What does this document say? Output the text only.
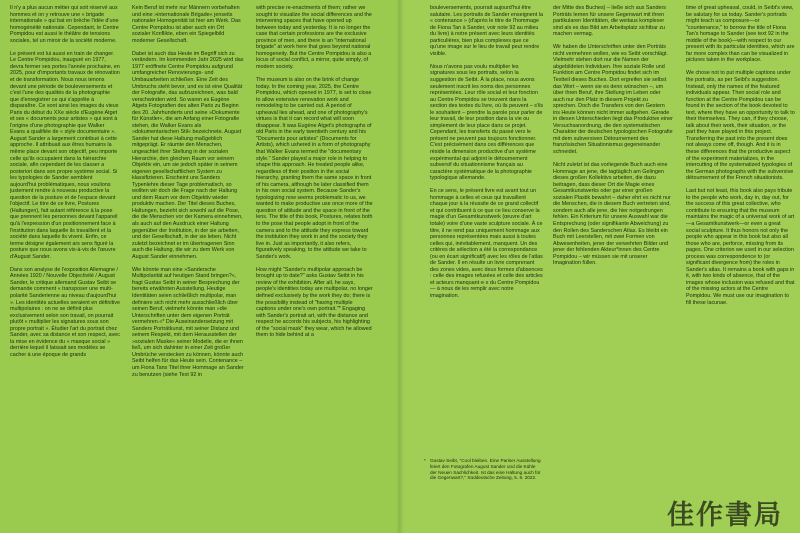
Il n'y a plus aucun métier qui soit réservé aux hommes et on y retrouve une « brigade internationale » qui bat en brèche l'idée d'une homogénéité nationale. Cependant, le Centre Pompidou est aussi le théâtre de tensions sociales, tel un miroir de la société moderne.

Le présent est lui aussi en train de changer. Le Centre Pompidou, inauguré en 1977, devra fermer ses portes l'année prochaine, en 2025, pour d'importants travaux de rénovation et de transformation. Nous nous tenons devant une période de bouleversements et c'est l'une des qualités de la photographie que d'enregistrer ce qui s'apprête à disparaître. Ce sont ainsi les images du vieux Paris du début du XXe siècle d'Eugène Atget et ses « documents pour artistes » qui sont à l'origine d'une photographie que Walker Evans a qualifiée de « style documentaire ». August Sander a largement contribué à cette approche. Il attribuait aux êtres humains la même place devant son objectif, peu importe celle qu'ils occupaient dans la hiérarchie sociale, afin cependant de les classer a posteriori dans son propre système social. Si les typologies de Sander semblent aujourd'hui problématiques, nous voulions justement rendre à nouveau productive la question de la posture et de l'espace devant l'objectif. Le titre de ce livre, Postures (Haltungen), fait autant référence à la pose que prennent les personnes devant l'appareil qu'à l'expression d'un positionnement face à l'institution dans laquelle ils travaillent et la société dans laquelle ils vivent. Enfin, ce terme désigne également ars sens figuré la posture que nous avons vis-à-vis de l'œuvre d'August Sander.

Dans son analyse de l'exposition Allemagne / Années 1920 / Nouvelle Objectivité / August Sander, le critique allemand Gustav Seibt se demande comment « transposer une multi-polarité Sanderienne au niveau d'aujourd'hui ». Les identités actuelles seraient en définitive multipolaires : on ne se définit plus exclusivement selon son travail, on pourrait plutôt « multiplier les signatures sous son propre portrait ». Étudier l'art du portrait chez Sander, avec sa distance et son respect, avec la mise en évidence du « masque social » derrière lequel il laissait ses modèles se cacher à une époque de grands

Kein Beruf ist mehr nur Männern vorbehalten und eine »internationale Brigade« jenseits nationaler Homogenität ist hier am Werk. Das Centre Pompidou ist aber auch ein Ort sozialer Konflikte, eben ein Spiegelbild moderner Gesellschaft.

Dabei ist auch das Heute im Begriff sich zu verändern. Im kommenden Jahr 2025 wird das 1977 eröffnete Centre Pompidou aufgrund umfangreicher Renovierungs- und Umbauarbeiten schließen. Eine Zeit des Umbruchs steht bevor, und es ist eine Qualität der Fotografie, das aufzuzeichnen, was bald verschwinden wird. So waren es Eugène Atgets Fotografien des alten Paris zu Beginn des 20. Jahrhunderts und seine »Dokumente für Künstler«, die am Anfang einer Fotografie stehen, die Walker Evans als »dokumentarischen Stil« bezeichnete. August Sander hat diese Haltung maßgeblich mitgeprägt. Er räumte den Menschen, ungeachtet ihrer Stellung in der sozialen Hierarchie, den gleichen Raum vor seinem Objektiv ein, um sie jedoch später in seinem eigenen gesellschaftlichen System zu klassifizieren. Erscheint uns Sanders Typenlehre dieser Tage problematisch, so wollten wir doch die Frage nach der Haltung und dem Raum vor dem Objektiv wieder produktiv machen. Der Titel dieses Buches, Haltungen, bezieht sich sowohl auf die Pose, die die Menschen vor der Kamera einnehmen, als auch auf den Ausdruck einer Haltung gegenüber der Institution, in der sie arbeiten, und der Gesellschaft, in der sie leben. Nicht zuletzt bezeichnet er im übertragenen Sinn auch die Haltung, die wir zu dem Werk von August Sander einnehmen.

Wie könnte man eine »Sandersche Multipolarität auf heutigen Stand bringen?«, fragt Gustav Seibt in seiner Besprechung der bereits erwähnten Ausstellung. Heutige Identitäten seien schließlich multipolar, man definiere sich nicht mehr ausschließlich über seinen Beruf, vielmehr könnte man »die Unterschriften unter dem eigenen Porträt vermehren.«* Die Auseinandersetzung mit Sanders Porträtkunst, mit seiner Distanz und seinem Respekt, mit dem Herausstellen der »sozialen Maske« seiner Modelle, die er ihnen ließ, um sich dahinter in einer Zeit großer Umbrüche verstecken zu können, könnte auch Seibt helfen für das Heute sein. Contenance – um Fiona Tans Titel ihrer Hommage an Sander zu benutzen (siehe Text 92 in

with precise re-enactments of them; rather we sought to visualize the social differences and the intervening spaces that have opened up between today and yesterday. It is no longer the case that certain professions are the exclusive province of men, and there is an "international brigade" at work here that goes beyond national homogeneity. But the Centre Pompidou is also a locus of social conflict, a mirror, quite simply, of modern society.

The museum is also on the brink of change today. In the coming year, 2025, the Centre Pompidou, which opened in 1977, is set to close to allow extensive renovation work and remodeling to be carried out. A period of upheaval lies ahead, and one of photography's virtues is that it can record what will soon disappear. It was Eugène Atget's photographs of old Paris in the early twentieth century and his "Documents pour artistes" (Documents for Artists), which ushered in a form of photography that Walker Evans termed the "documentary style." Sander played a major role in helping to shape this approach. He treated people alike, regardless of their position in the social hierarchy, granting them the same space in front of his camera, although he later classified them in his own social system. Because Sander's typologizing now seems problematic to us, we wanted to make productive use once more of the question of attitude and the space in front of the lens. The title of this book, Postures, relates both to the pose that people adopt in front of the camera and to the attitude they express toward the institution they work in and the society they live in. Just as importantly, it also refers, figuratively speaking, to the attitude we take to Sander's work.

How might "Sander's multipolar approach be brought up to date?" asks Gustav Seibt in his review of the exhibition. After all, he says, people's identities today are multipolar, no longer defined exclusively by the work they do; there is the possibility instead of "having multiple captions under one's own portrait."* Engaging with Sander's portrait art, with the distance and respect he accords his subjects, his highlighting of the "social mask" they wear, which he allowed them to hide behind at a

bouleversements, pourrait aujourd'hui être salutaire. Les portraits de Sander enseignent la « contenance » (d'après le titre de l'hommage de Fiona Tan à Sander, voir note 92 au milieu du livre) à notre présent avec leurs identités particulières, bien plus complexes que ce qu'une image sur le lieu de travail peut rendre visible.

Nous n'avons pas voulu multiplier les signatures sous les portraits, selon la suggestion de Seibt. À la place, nous avons seulement inscrit les noms des personnes représentées. Leur rôle social et leur fonction au Centre Pompidou se trouvent dans la section des textes du livre, où ils peuvent – s'ils le souhaitent – prendre la parole pour parler de leur travail, de leur position dans la vie ou simplement de leur place dans ce projet. Cependant, les transferts du passé vers le présent ne peuvent pas toujours fonctionner. C'est précisément dans ces différences que réside la dimension productive d'un système expérimental qui adjoint le détournement subversif du situationnisme français au caractère systématique de la photographie typologique allemande.

En ce sens, le présent livre est avant tout un hommage à celles et ceux qui travaillent chaque jour à la réussite de ce grand collectif et qui contribuent à ce que ce lieu conserve la magie d'un Gesamtkunstwerk (œuvre d'art totale) voire d'une vaste sculpture sociale. À ce titre, il ne rend pas uniquement hommage aux personnes représentées mais aussi à toutes celles qui, inévitablement, manquent. Un des critères de sélection a été la correspondance (ou en écart significatif) avec les rôles de l'atlas de Sander. Il en résulte un livre comprenant des zones vides, avec deux formes d'absences : celle des images refusées et celle des articles et acteurs manquant·e·s du Centre Pompidou — à nous de les remplir avec notre imagination.

der Mitte des Buches) – ließe sich aus Sanders Porträts lernen für unsere Gegenwart mit ihren partikularen Identitäten, die weitaus komplexer sind als es das Bild am Arbeitsplatz sichtbar zu machen vermag.

Wir haben die Unterschriften unter den Porträts nicht vermehren wollen, wie es Seibt vorschlägt. Vielmehr stehen dort nur die Namen der abgebildeten Individuen. Ihre soziale Rolle und Funktion am Centre Pompidou findet sich im Textteil dieses Buches. Dort ergreifen sie selbst das Wort – wenn sie es denn wünschen –, um über ihren Beruf, ihre Stellung im Leben oder auch nur den Platz in diesem Projekt zu sprechen. Doch die Transfers von den Gestern ins Heute können nicht immer aufgehen. Gerade in diesen Unterschieden liegt das Produktive einer Versuchsanordnung, die den systematischen Charakter der deutschen typologischen Fotografie mit dem subversiven Détournement des französischen Situationismus gegeneinander schneidet.

Nicht zuletzt ist das vorliegende Buch auch eine Hommage an jene, die tagtäglich am Gelingen dieses großen Kollektivs arbeiten, die dazu beitragen, dass dieser Ort die Magie eines Gesamtkunstwerks oder gar einer großen sozialen Plastik bewahrt – daher ehrt es nicht nur die Menschen, die in diesem Buch vertreten sind, sondern auch alle jene, die hier notgedrungen fehlen. Ein Kriterium für unsere Auswahl war die Entsprechung (oder signifikante Abweichung) zu den Rollen des Sanderschen Atlas. Es bleibt ein Buch mit Leerstellen, mit zwei Formen von Abwesenheiten, jener der verwehrten Bilder und jener der fehlenden Akteur*innen des Centre Pompidou – wir müssen sie mit unserer Imagination füllen.

time of great upheaval, could, in Seibt's view, be salutary for us today. Sander's portraits might teach us composure—or "countenance," to borrow the title of Fiona Tan's homage to Sander (see text 92 in the middle of the book)—with respect to our present with its particular identities, which are far more complex than can be visualized in pictures taken in the workplace.

We chose not to put multiple captions under the portraits, as per Seibt's suggestion. Instead, only the names of the featured individuals appear. Their social role and function at the Centre Pompidou can be found in the section of the book devoted to text, where they have an opportunity to talk to their themselves. They can, if they choose, talk about their work, their situation, or the part they have played in this project. Transferring the past into the present does not always come off, though. And it is in these differences that the productive aspect of the experiment materializes, in the intercutting of the systematized typologies of the German photographs with the subversive détournement of the French situationists.

Last but not least, this book also pays tribute to the people who work, day in, day out, for the success of this great collective, who contribute to ensuring that the museum maintains the magic of a universal work of art—a Gesamtkunstwerk—or even a great social sculpture. It thus honors not only the people who appear in this book but also all those who are, perforce, missing from its pages. One criterion we used in our selection process was correspondence to (or significant divergence from) the roles in Sander's atlas. It remains a book with gaps in it, with two kinds of absence, that of the images whose inclusion was refused and that of the missing actors at the Centre Pompidou. We must use our imagination to fill these lacunae.

* Gustav Seibt, "Cool bleiben. Eine Pariser Ausstellung feiert den Fotografen August Sander und die Kühle der Neuen Sachlichkeit. Ist das eine Haltung auch für die Gegenwart?," Süddeutsche Zeitung, 5. 8. 2022.
佳作書局
